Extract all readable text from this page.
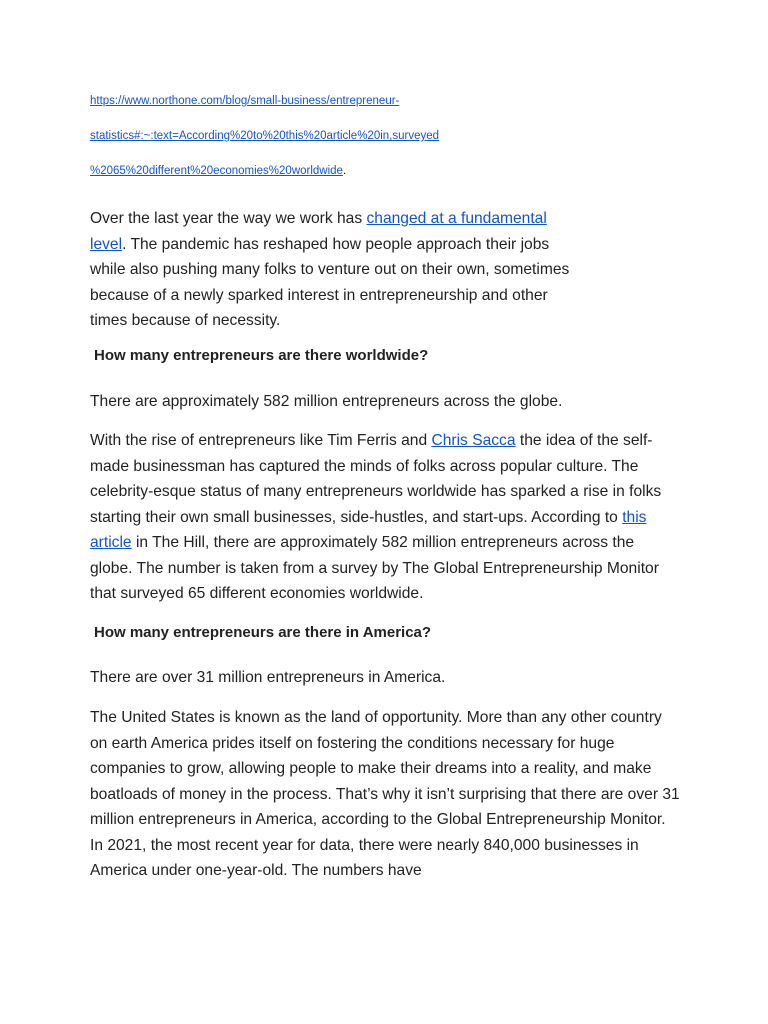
https://www.northone.com/blog/small-business/entrepreneur-
statistics#:~:text=According%20to%20this%20article%20in,surveyed
%2065%20different%20economies%20worldwide.

Over the last year the way we work has changed at a fundamental level. The pandemic has reshaped how people approach their jobs while also pushing many folks to venture out on their own, sometimes because of a newly sparked interest in entrepreneurship and other times because of necessity.

How many entrepreneurs are there worldwide?

There are approximately 582 million entrepreneurs across the globe.

With the rise of entrepreneurs like Tim Ferris and Chris Sacca the idea of the self-made businessman has captured the minds of folks across popular culture. The celebrity-esque status of many entrepreneurs worldwide has sparked a rise in folks starting their own small businesses, side-hustles, and start-ups. According to this article in The Hill, there are approximately 582 million entrepreneurs across the globe. The number is taken from a survey by The Global Entrepreneurship Monitor that surveyed 65 different economies worldwide.

How many entrepreneurs are there in America?

There are over 31 million entrepreneurs in America.

The United States is known as the land of opportunity. More than any other country on earth America prides itself on fostering the conditions necessary for huge companies to grow, allowing people to make their dreams into a reality, and make boatloads of money in the process. That’s why it isn’t surprising that there are over 31 million entrepreneurs in America, according to the Global Entrepreneurship Monitor. In 2021, the most recent year for data, there were nearly 840,000 businesses in America under one-year-old. The numbers have
